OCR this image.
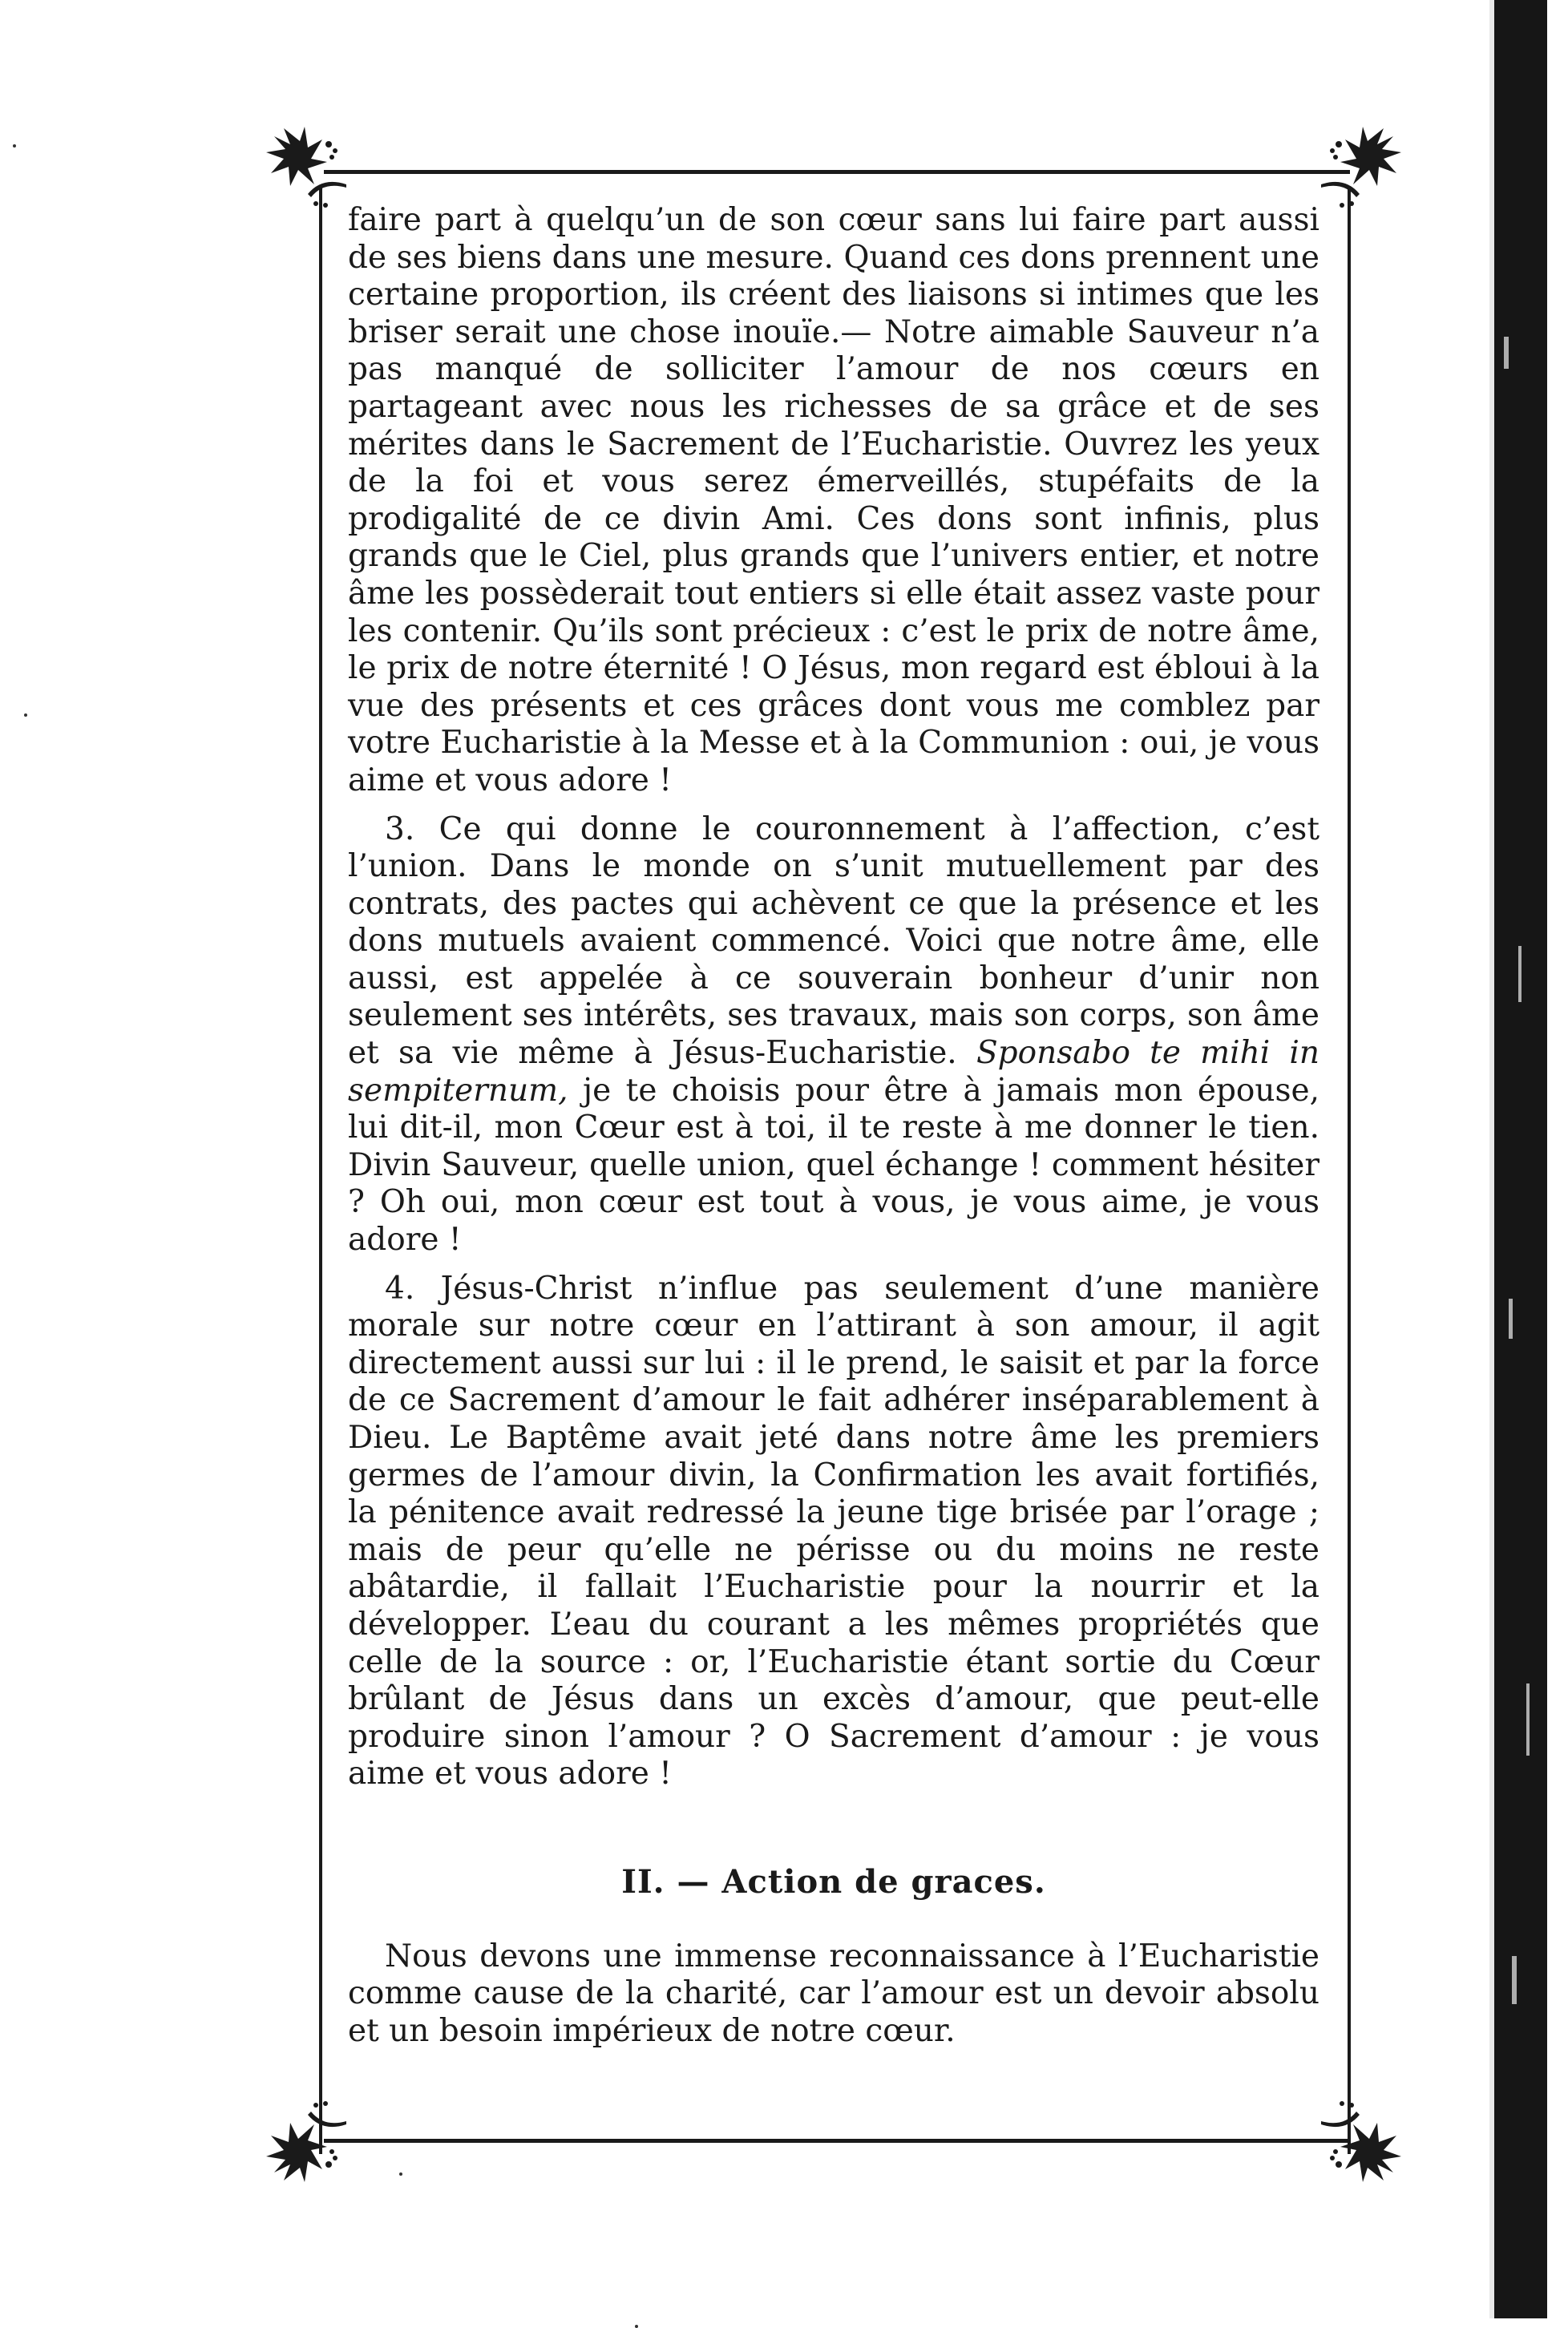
faire part à quelqu’un de son cœur sans lui faire part aussi de ses biens dans une mesure. Quand ces dons prennent une certaine proportion, ils créent des liaisons si intimes que les briser serait une chose inouïe.— Notre aimable Sauveur n’a pas manqué de solliciter l’amour de nos cœurs en partageant avec nous les richesses de sa grâce et de ses mérites dans le Sacrement de l’Eucharistie. Ouvrez les yeux de la foi et vous serez émerveillés, stupéfaits de la prodigalité de ce divin Ami. Ces dons sont infinis, plus grands que le Ciel, plus grands que l’univers entier, et notre âme les possèderait tout entiers si elle était assez vaste pour les contenir. Qu’ils sont précieux : c’est le prix de notre âme, le prix de notre éternité ! O Jésus, mon regard est ébloui à la vue des présents et ces grâces dont vous me comblez par votre Eucharistie à la Messe et à la Communion : oui, je vous aime et vous adore !

3. Ce qui donne le couronnement à l’affection, c’est l’union. Dans le monde on s’unit mutuellement par des contrats, des pactes qui achèvent ce que la présence et les dons mutuels avaient commencé. Voici que notre âme, elle aussi, est appelée à ce souverain bonheur d’unir non seulement ses intérêts, ses travaux, mais son corps, son âme et sa vie même à Jésus-Eucharistie. Sponsabo te mihi in sempiternum, je te choisis pour être à jamais mon épouse, lui dit-il, mon Cœur est à toi, il te reste à me donner le tien. Divin Sauveur, quelle union, quel échange ! comment hésiter ? Oh oui, mon cœur est tout à vous, je vous aime, je vous adore !

4. Jésus-Christ n’influe pas seulement d’une manière morale sur notre cœur en l’attirant à son amour, il agit directement aussi sur lui : il le prend, le saisit et par la force de ce Sacrement d’amour le fait adhérer inséparablement à Dieu. Le Baptême avait jeté dans notre âme les premiers germes de l’amour divin, la Confirmation les avait fortifiés, la pénitence avait redressé la jeune tige brisée par l’orage ; mais de peur qu’elle ne périsse ou du moins ne reste abâtardie, il fallait l’Eucharistie pour la nourrir et la développer. L’eau du courant a les mêmes propriétés que celle de la source : or, l’Eucharistie étant sortie du Cœur brûlant de Jésus dans un excès d’amour, que peut-elle produire sinon l’amour ? O Sacrement d’amour : je vous aime et vous adore !

II. — Action de graces.

Nous devons une immense reconnaissance à l’Eucharistie comme cause de la charité, car l’amour est un devoir absolu et un besoin impérieux de notre cœur.
